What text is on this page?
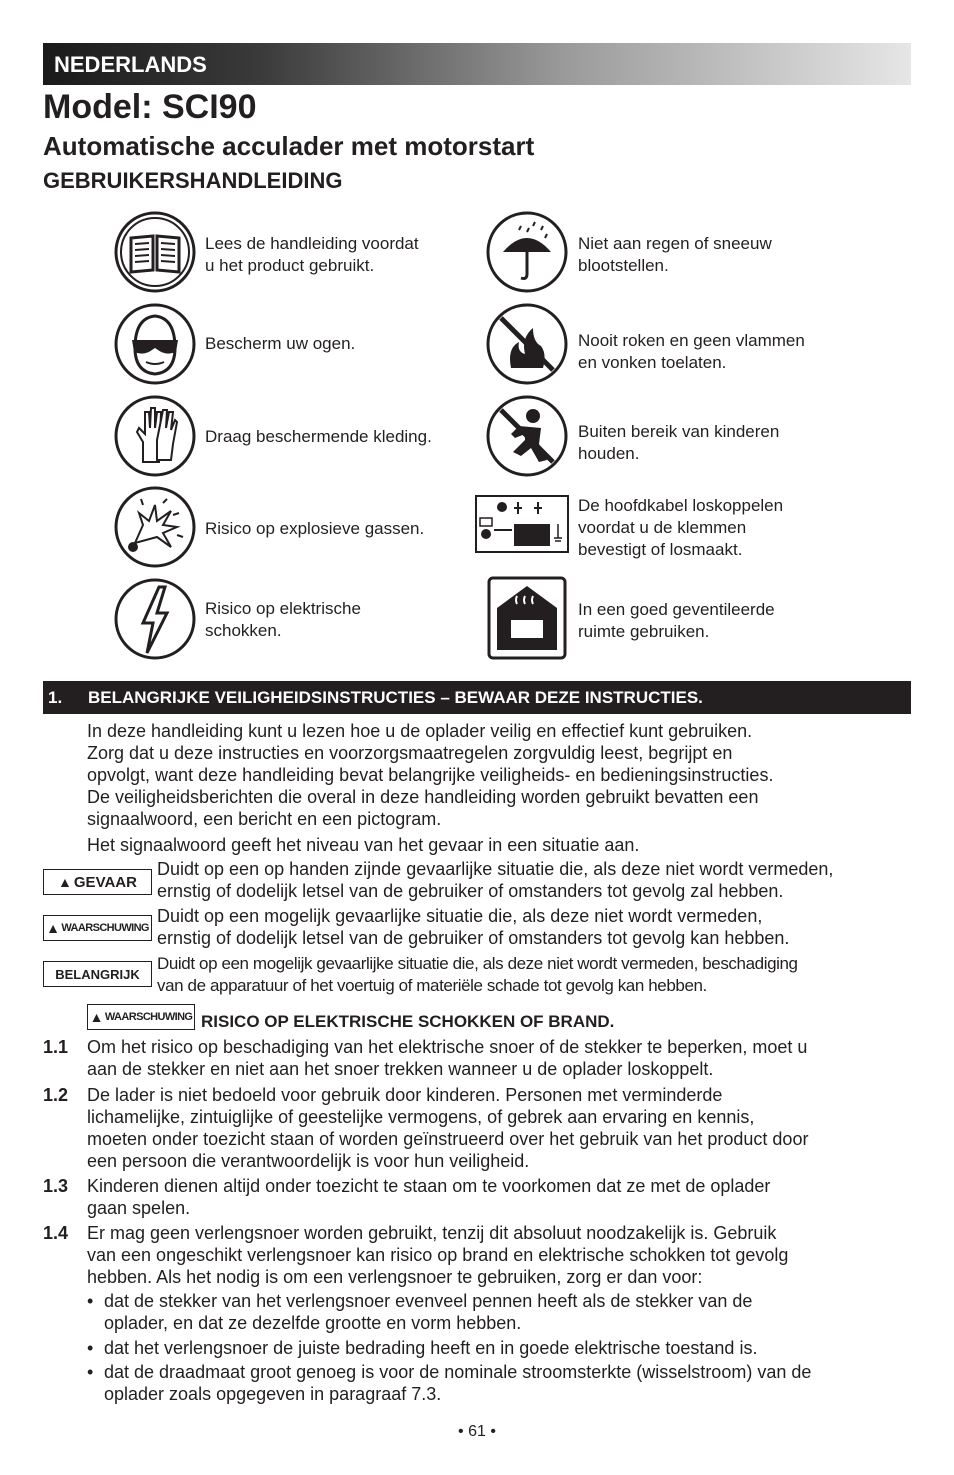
NEDERLANDS
Model: SCI90
Automatische acculader met motorstart
GEBRUIKERSHANDLEIDING
Lees de handleiding voordat
u het product gebruikt.
Bescherm uw ogen.
Draag beschermende kleding.
Risico op explosieve gassen.
Risico op elektrische
schokken.
Niet aan regen of sneeuw
blootstellen.
Nooit roken en geen vlammen
en vonken toelaten.
Buiten bereik van kinderen
houden.
De hoofdkabel loskoppelen
voordat u de klemmen
bevestigt of losmaakt.
In een goed geventileerde
ruimte gebruiken.
1. BELANGRIJKE VEILIGHEIDSINSTRUCTIES – BEWAAR DEZE INSTRUCTIES.
In deze handleiding kunt u lezen hoe u de oplader veilig en effectief kunt gebruiken.
Zorg dat u deze instructies en voorzorgsmaatregelen zorgvuldig leest, begrijpt en
opvolgt, want deze handleiding bevat belangrijke veiligheids- en bedieningsinstructies.
De veiligheidsberichten die overal in deze handleiding worden gebruikt bevatten een
signaalwoord, een bericht en een pictogram.
Het signaalwoord geeft het niveau van het gevaar in een situatie aan.
▲ GEVAAR
Duidt op een op handen zijnde gevaarlijke situatie die, als deze niet wordt vermeden,
ernstig of dodelijk letsel van de gebruiker of omstanders tot gevolg zal hebben.
▲ WAARSCHUWING
Duidt op een mogelijk gevaarlijke situatie die, als deze niet wordt vermeden,
ernstig of dodelijk letsel van de gebruiker of omstanders tot gevolg kan hebben.
BELANGRIJK
Duidt op een mogelijk gevaarlijke situatie die, als deze niet wordt vermeden, beschadiging
van de apparatuur of het voertuig of materiële schade tot gevolg kan hebben.
▲ WAARSCHUWING RISICO OP ELEKTRISCHE SCHOKKEN OF BRAND.
1.1 Om het risico op beschadiging van het elektrische snoer of de stekker te beperken, moet u
aan de stekker en niet aan het snoer trekken wanneer u de oplader loskoppelt.
1.2 De lader is niet bedoeld voor gebruik door kinderen. Personen met verminderde
lichamelijke, zintuiglijke of geestelijke vermogens, of gebrek aan ervaring en kennis,
moeten onder toezicht staan of worden geïnstrueerd over het gebruik van het product door
een persoon die verantwoordelijk is voor hun veiligheid.
1.3 Kinderen dienen altijd onder toezicht te staan om te voorkomen dat ze met de oplader
gaan spelen.
1.4 Er mag geen verlengsnoer worden gebruikt, tenzij dit absoluut noodzakelijk is. Gebruik
van een ongeschikt verlengsnoer kan risico op brand en elektrische schokken tot gevolg
hebben. Als het nodig is om een verlengsnoer te gebruiken, zorg er dan voor:
• dat de stekker van het verlengsnoer evenveel pennen heeft als de stekker van de
oplader, en dat ze dezelfde grootte en vorm hebben.
• dat het verlengsnoer de juiste bedrading heeft en in goede elektrische toestand is.
• dat de draadmaat groot genoeg is voor de nominale stroomsterkte (wisselstroom) van de
oplader zoals opgegeven in paragraaf 7.3.
• 61 •
